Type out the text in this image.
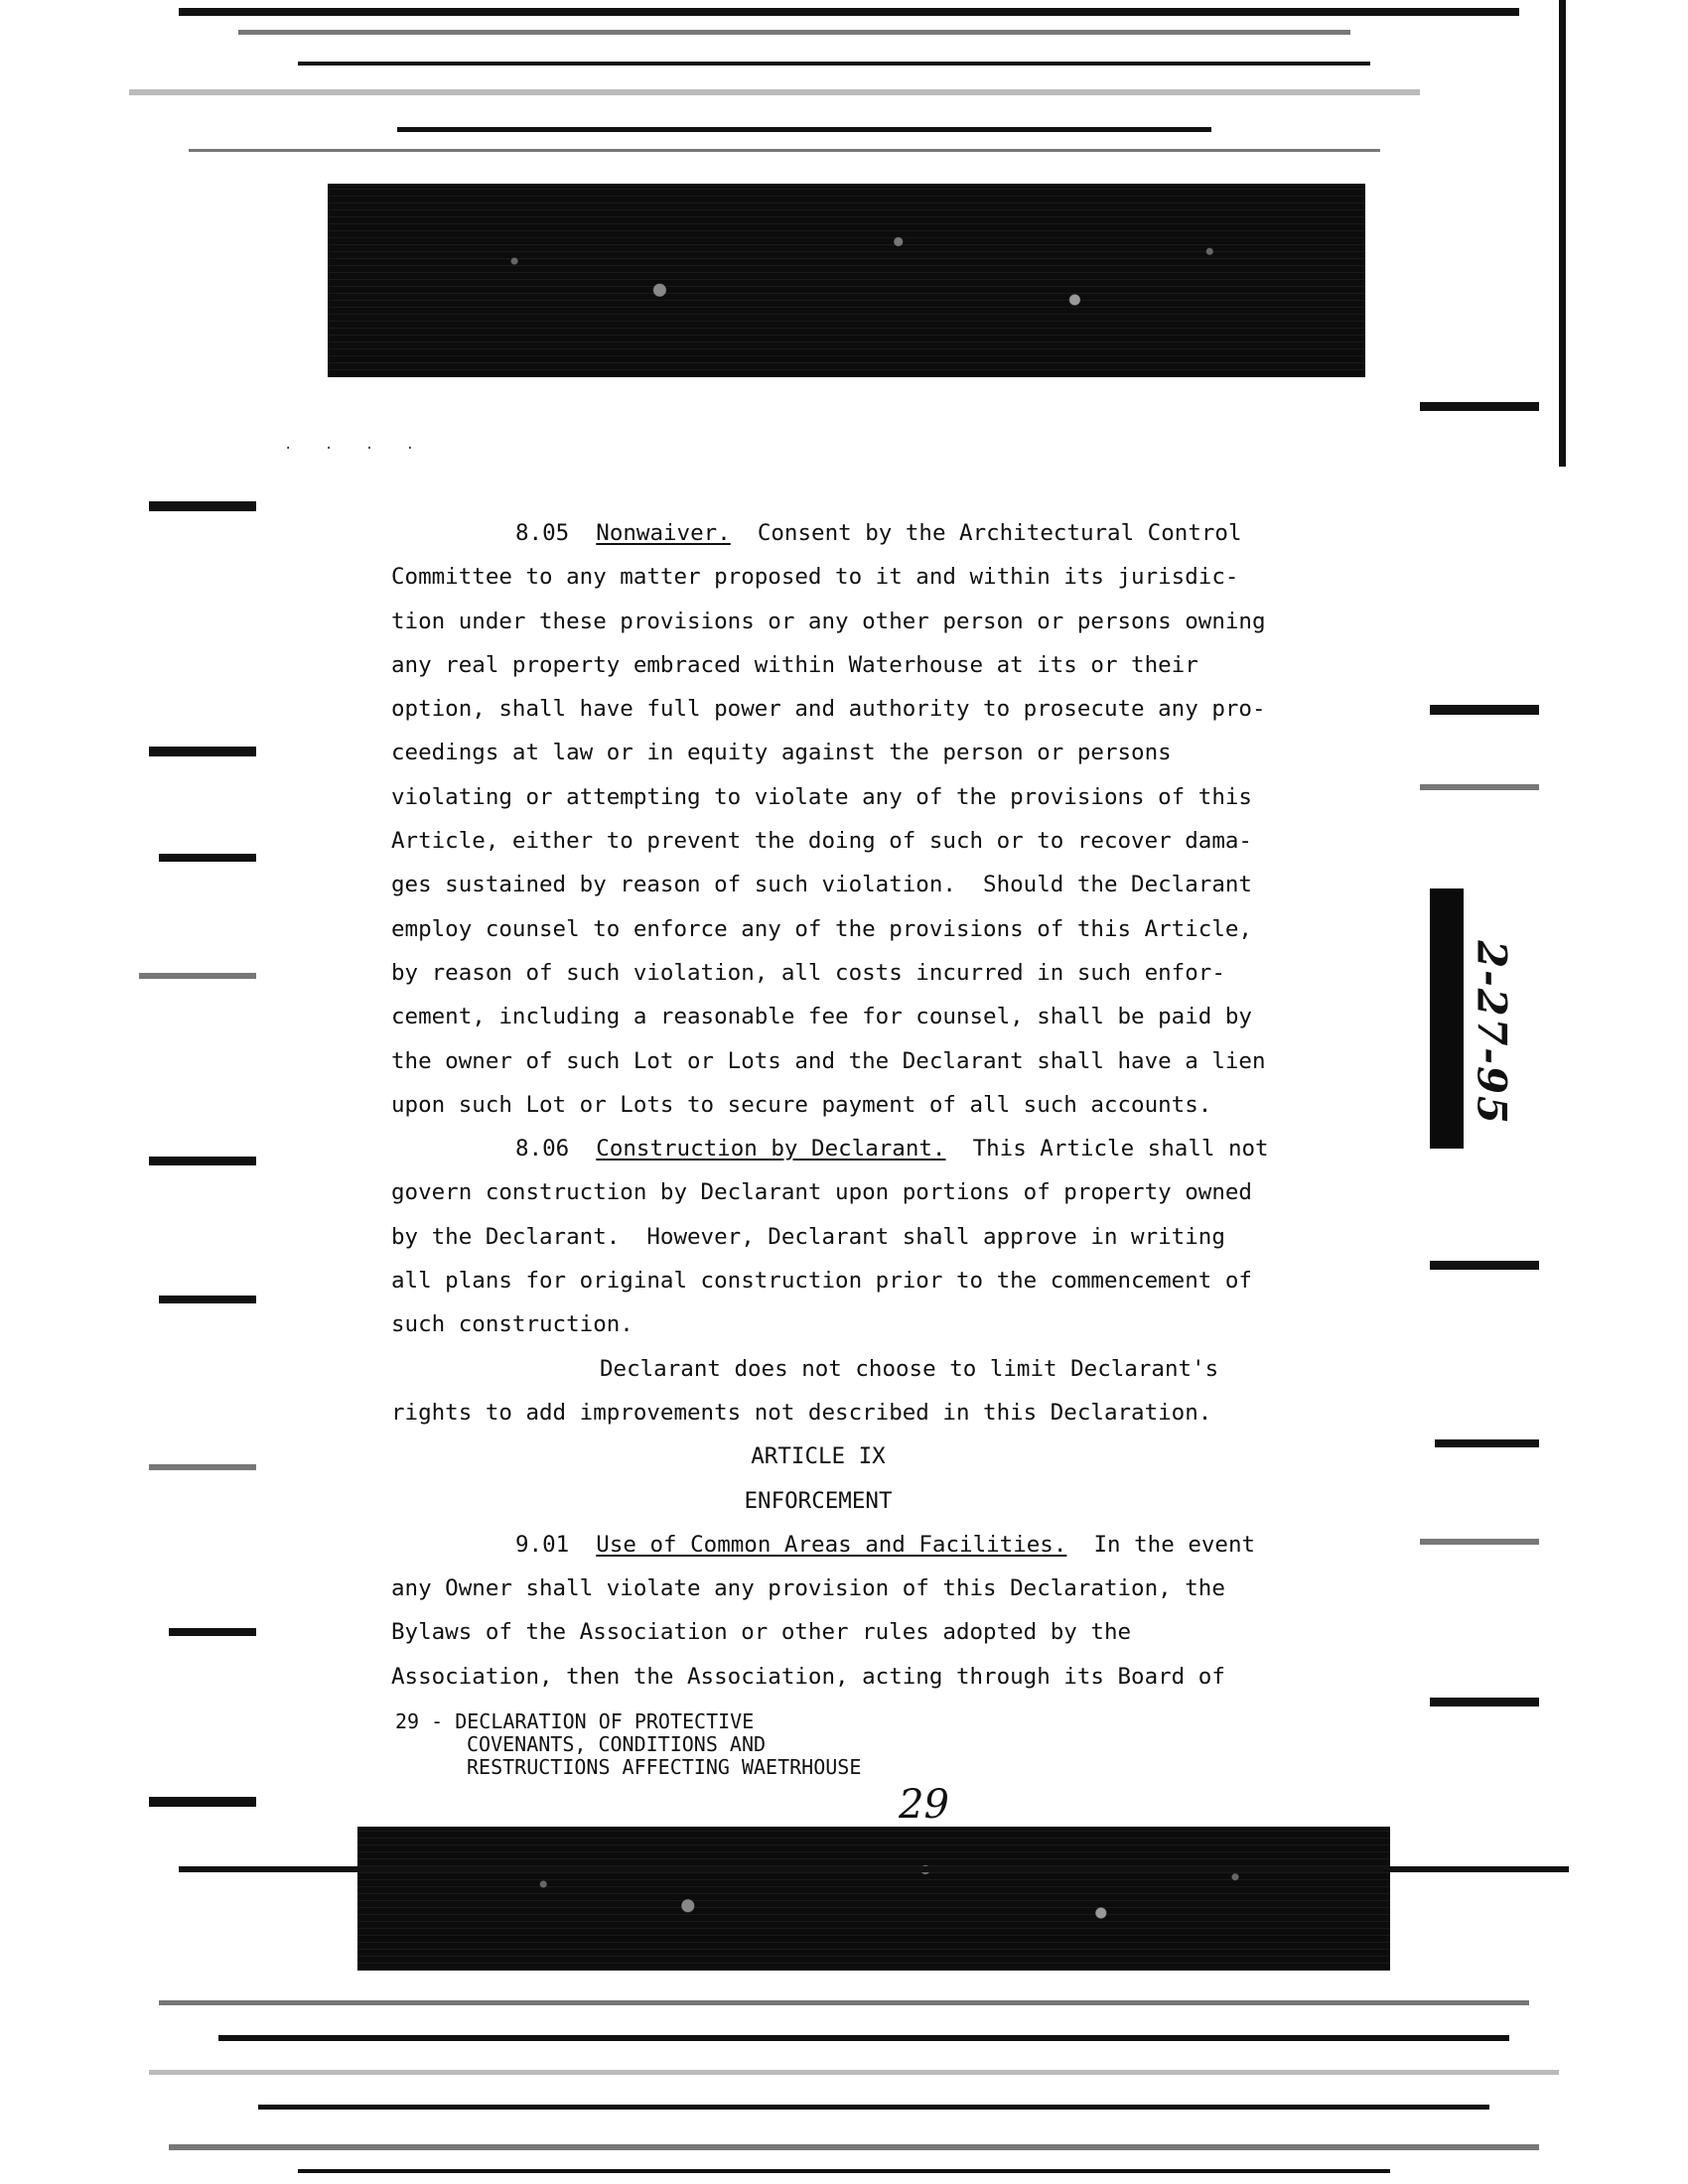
. . . .
8.05 Nonwaiver. Consent by the Architectural Control
Committee to any matter proposed to it and within its jurisdic-
tion under these provisions or any other person or persons owning
any real property embraced within Waterhouse at its or their
option, shall have full power and authority to prosecute any pro-
ceedings at law or in equity against the person or persons
violating or attempting to violate any of the provisions of this
Article, either to prevent the doing of such or to recover dama-
ges sustained by reason of such violation.  Should the Declarant
employ counsel to enforce any of the provisions of this Article,
by reason of such violation, all costs incurred in such enfor-
cement, including a reasonable fee for counsel, shall be paid by
the owner of such Lot or Lots and the Declarant shall have a lien
upon such Lot or Lots to secure payment of all such accounts.
8.06 Construction by Declarant. This Article shall not
govern construction by Declarant upon portions of property owned
by the Declarant.  However, Declarant shall approve in writing
all plans for original construction prior to the commencement of
such construction.
Declarant does not choose to limit Declarant's
rights to add improvements not described in this Declaration.
ARTICLE IX
ENFORCEMENT
9.01 Use of Common Areas and Facilities. In the event
any Owner shall violate any provision of this Declaration, the
Bylaws of the Association or other rules adopted by the
Association, then the Association, acting through its Board of
29 - DECLARATION OF PROTECTIVE
COVENANTS, CONDITIONS AND
RESTRUCTIONS AFFECTING WAETRHOUSE
29
2-27-95
